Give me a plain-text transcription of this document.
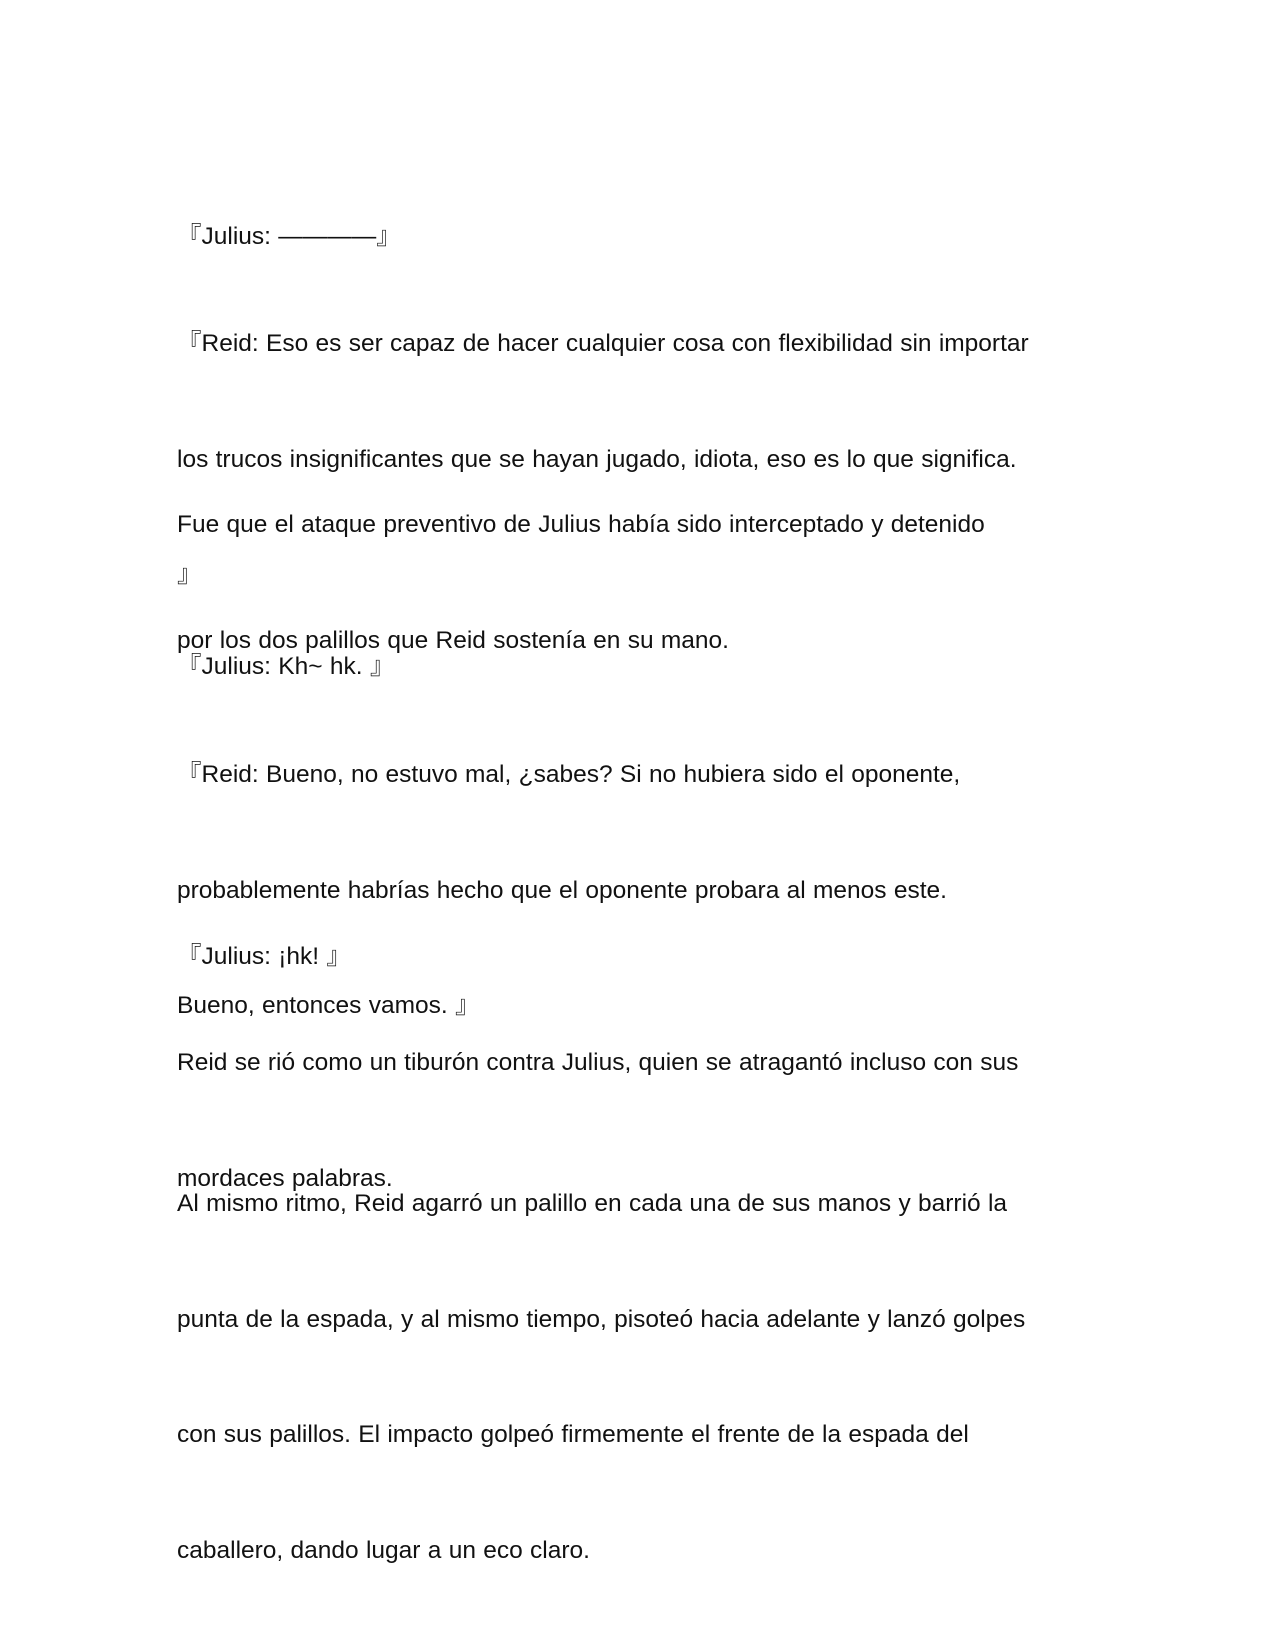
『Julius: ————』

『Reid: Eso es ser capaz de hacer cualquier cosa con flexibilidad sin importar

los trucos insignificantes que se hayan jugado, idiota, eso es lo que significa.

』

Fue que el ataque preventivo de Julius había sido interceptado y detenido

por los dos palillos que Reid sostenía en su mano.

『Julius: Kh~ hk. 』

『Reid: Bueno, no estuvo mal, ¿sabes? Si no hubiera sido el oponente,

probablemente habrías hecho que el oponente probara al menos este.

Bueno, entonces vamos. 』

『Julius: ¡hk! 』

Reid se rió como un tiburón contra Julius, quien se atragantó incluso con sus

mordaces palabras.

Al mismo ritmo, Reid agarró un palillo en cada una de sus manos y barrió la

punta de la espada, y al mismo tiempo, pisoteó hacia adelante y lanzó golpes

con sus palillos. El impacto golpeó firmemente el frente de la espada del

caballero, dando lugar a un eco claro.
